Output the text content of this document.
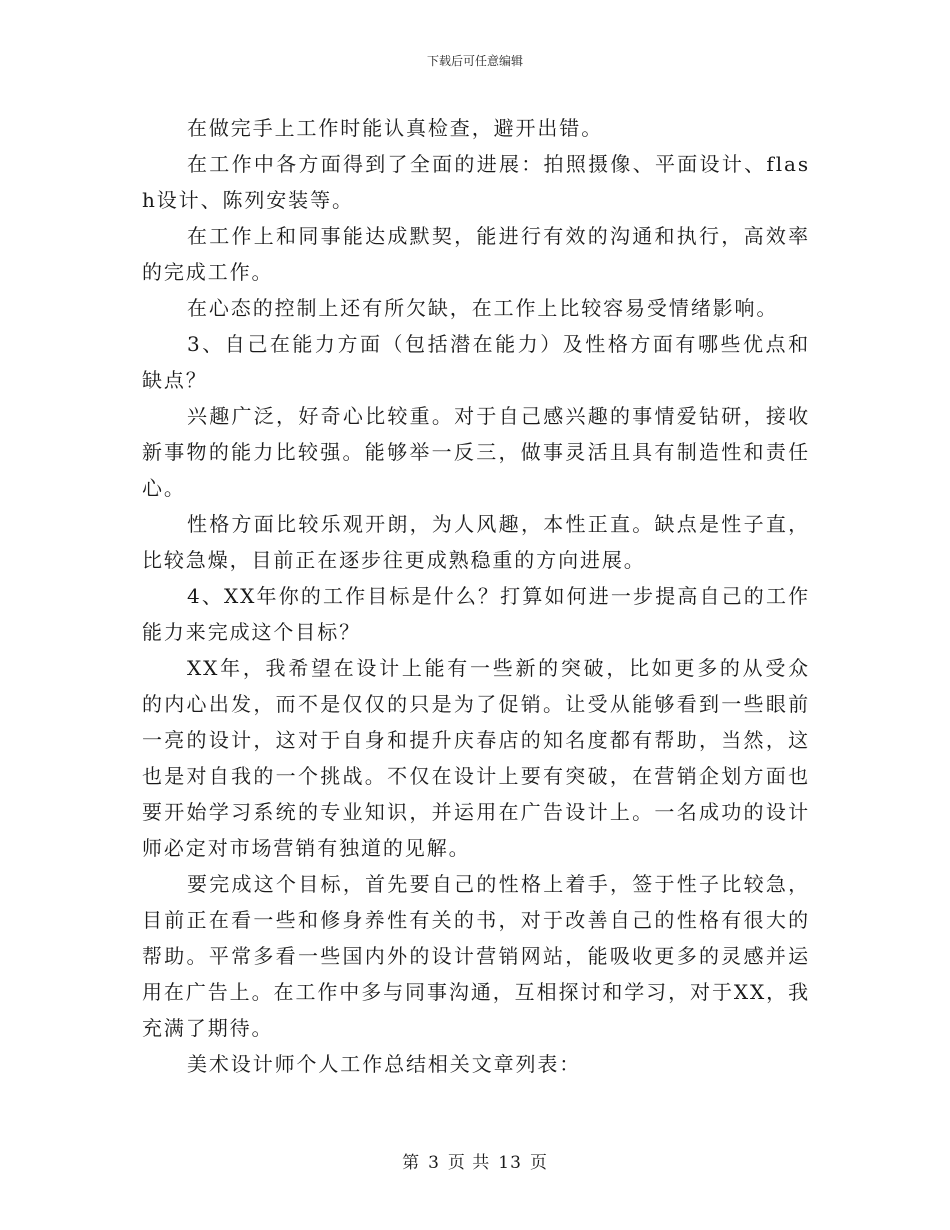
下载后可任意编辑

在做完手上工作时能认真检查，避开出错。

在工作中各方面得到了全面的进展：拍照摄像、平面设计、flash设计、陈列安装等。

在工作上和同事能达成默契，能进行有效的沟通和执行，高效率的完成工作。

在心态的控制上还有所欠缺，在工作上比较容易受情绪影响。

3、自己在能力方面（包括潜在能力）及性格方面有哪些优点和缺点？

兴趣广泛，好奇心比较重。对于自己感兴趣的事情爱钻研，接收新事物的能力比较强。能够举一反三，做事灵活且具有制造性和责任心。

性格方面比较乐观开朗，为人风趣，本性正直。缺点是性子直，比较急燥，目前正在逐步往更成熟稳重的方向进展。

4、XX年你的工作目标是什么？打算如何进一步提高自己的工作能力来完成这个目标？

XX年，我希望在设计上能有一些新的突破，比如更多的从受众的内心出发，而不是仅仅的只是为了促销。让受从能够看到一些眼前一亮的设计，这对于自身和提升庆春店的知名度都有帮助，当然，这也是对自我的一个挑战。不仅在设计上要有突破，在营销企划方面也要开始学习系统的专业知识，并运用在广告设计上。一名成功的设计师必定对市场营销有独道的见解。

要完成这个目标，首先要自己的性格上着手，签于性子比较急，目前正在看一些和修身养性有关的书，对于改善自己的性格有很大的帮助。平常多看一些国内外的设计营销网站，能吸收更多的灵感并运用在广告上。在工作中多与同事沟通，互相探讨和学习，对于XX，我充满了期待。

美术设计师个人工作总结相关文章列表：

第 3 页 共 13 页
